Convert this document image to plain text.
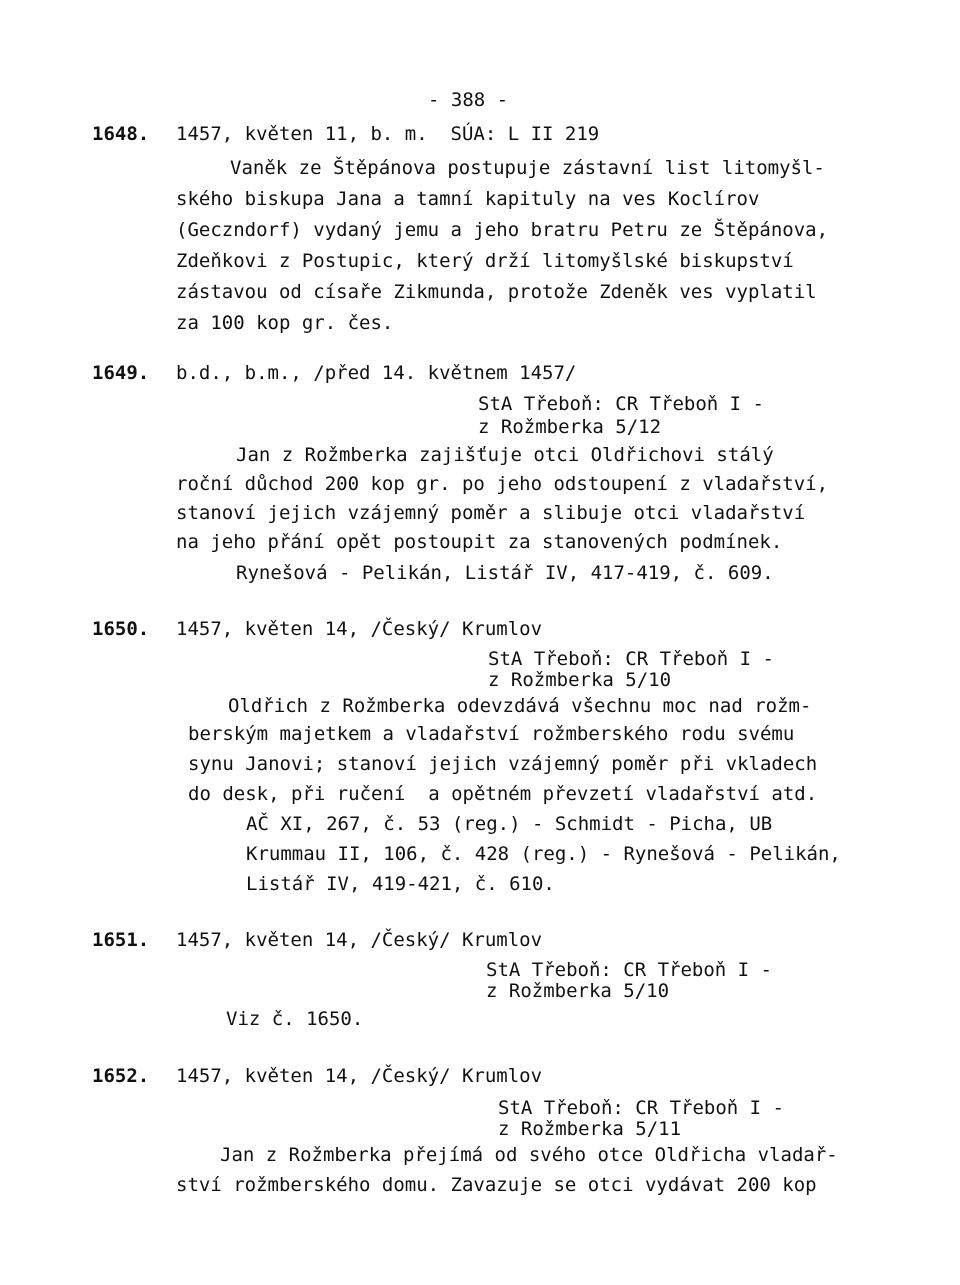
- 388 -
1648. 1457, květen 11, b. m.  SÚA: L II 219
Vaněk ze Štěpánova postupuje zástavní list litomyšl-
ského biskupa Jana a tamní kapituly na ves Koclírov
(Geczndorf) vydaný jemu a jeho bratru Petru ze Štěpánova,
Zdeňkovi z Postupic, který drží litomyšlské biskupství
zástavou od císaře Zikmunda, protože Zdeněk ves vyplatil
za 100 kop gr. čes.
1649. b.d., b.m., /před 14. květnem 1457/
StA Třeboň: CR Třeboň I -
z Rožmberka 5/12
Jan z Rožmberka zajišťuje otci Oldřichovi stálý
roční důchod 200 kop gr. po jeho odstoupení z vladařství,
stanoví jejich vzájemný poměr a slibuje otci vladařství
na jeho přání opět postoupit za stanovených podmínek.
Rynešová - Pelikán, Listář IV, 417-419, č. 609.
1650. 1457, květen 14, /Český/ Krumlov
StA Třeboň: CR Třeboň I -
z Rožmberka 5/10
Oldřich z Rožmberka odevzdává všechnu moc nad rožm-
berským majetkem a vladařství rožmberského rodu svému
synu Janovi; stanoví jejich vzájemný poměr při vkladech
do desk, při ručení  a opětném převzetí vladařství atd.
AČ XI, 267, č. 53 (reg.) - Schmidt - Picha, UB
Krummau II, 106, č. 428 (reg.) - Rynešová - Pelikán,
Listář IV, 419-421, č. 610.
1651. 1457, květen 14, /Český/ Krumlov
StA Třeboň: CR Třeboň I -
z Rožmberka 5/10
Viz č. 1650.
1652. 1457, květen 14, /Český/ Krumlov
StA Třeboň: CR Třeboň I -
z Rožmberka 5/11
Jan z Rožmberka přejímá od svého otce Oldřicha vladař-
ství rožmberského domu. Zavazuje se otci vydávat 200 kop
